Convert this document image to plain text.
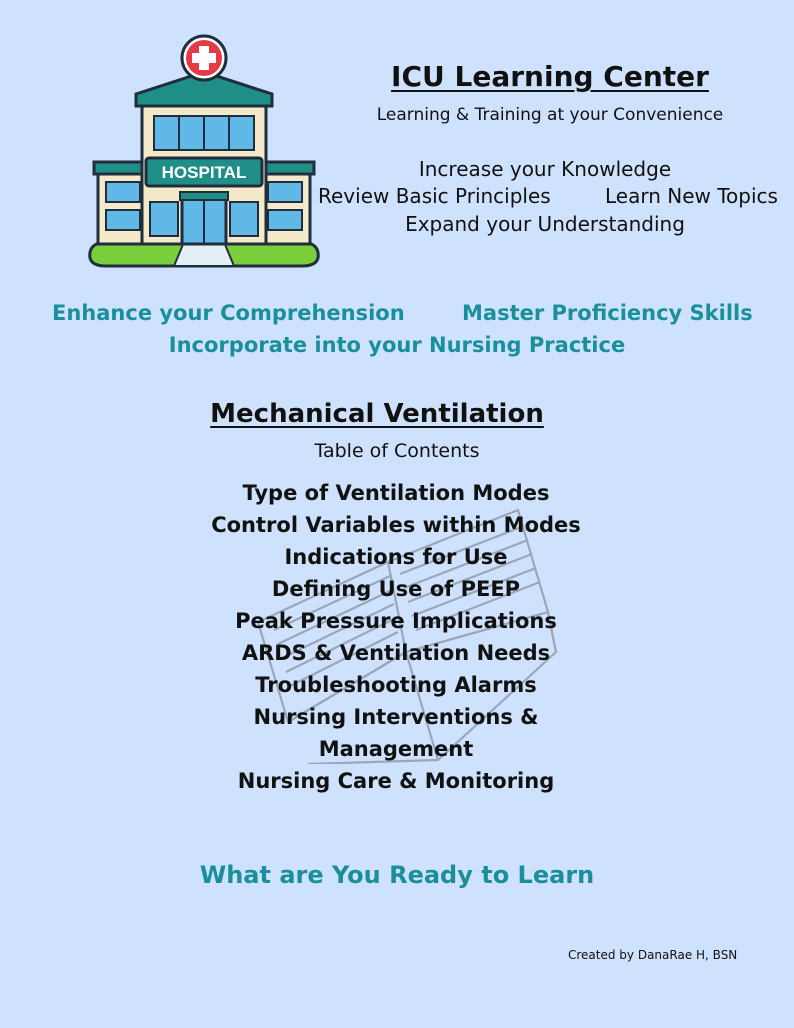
HOSPITAL
ICU Learning Center
Learning & Training at your Convenience
Increase your Knowledge
Review Basic Principles	Learn New Topics
Expand your Understanding
Enhance your Comprehension	Master Proficiency Skills
Incorporate into your Nursing Practice
Mechanical Ventilation
Table of Contents
Type of Ventilation Modes
Control Variables within Modes
Indications for Use
Defining Use of PEEP
Peak Pressure Implications
ARDS & Ventilation Needs
Troubleshooting Alarms
Nursing Interventions &
Management
Nursing Care & Monitoring
What are You Ready to Learn
Created by DanaRae H, BSN
